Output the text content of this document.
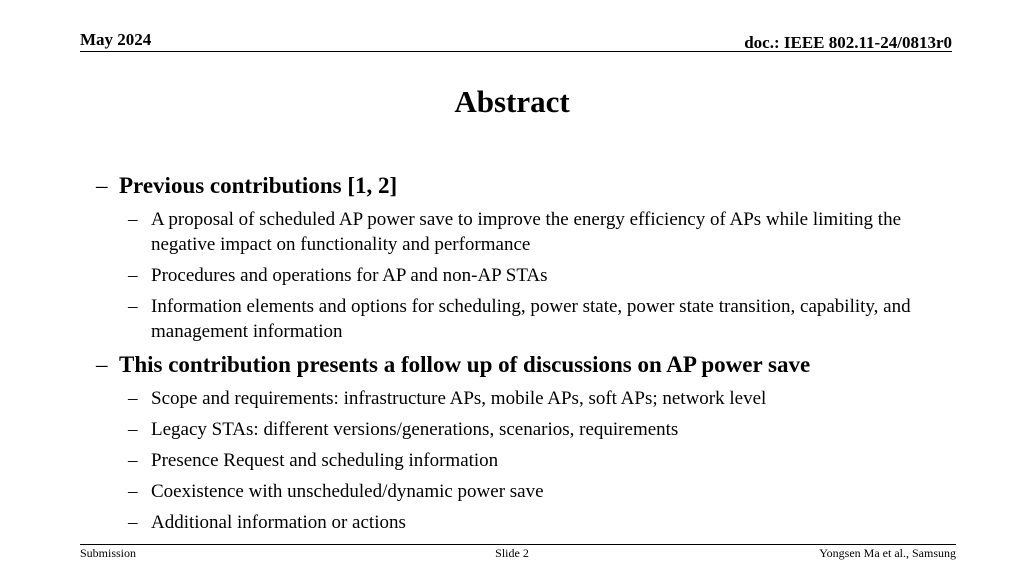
May 2024	doc.: IEEE 802.11-24/0813r0
Abstract
– Previous contributions [1, 2]
– A proposal of scheduled AP power save to improve the energy efficiency of APs while limiting the negative impact on functionality and performance
– Procedures and operations for AP and non-AP STAs
– Information elements and options for scheduling, power state, power state transition, capability, and management information
– This contribution presents a follow up of discussions on AP power save
– Scope and requirements: infrastructure APs, mobile APs, soft APs; network level
– Legacy STAs: different versions/generations, scenarios, requirements
– Presence Request and scheduling information
– Coexistence with unscheduled/dynamic power save
– Additional information or actions
Submission	Slide 2	Yongsen Ma et al., Samsung
